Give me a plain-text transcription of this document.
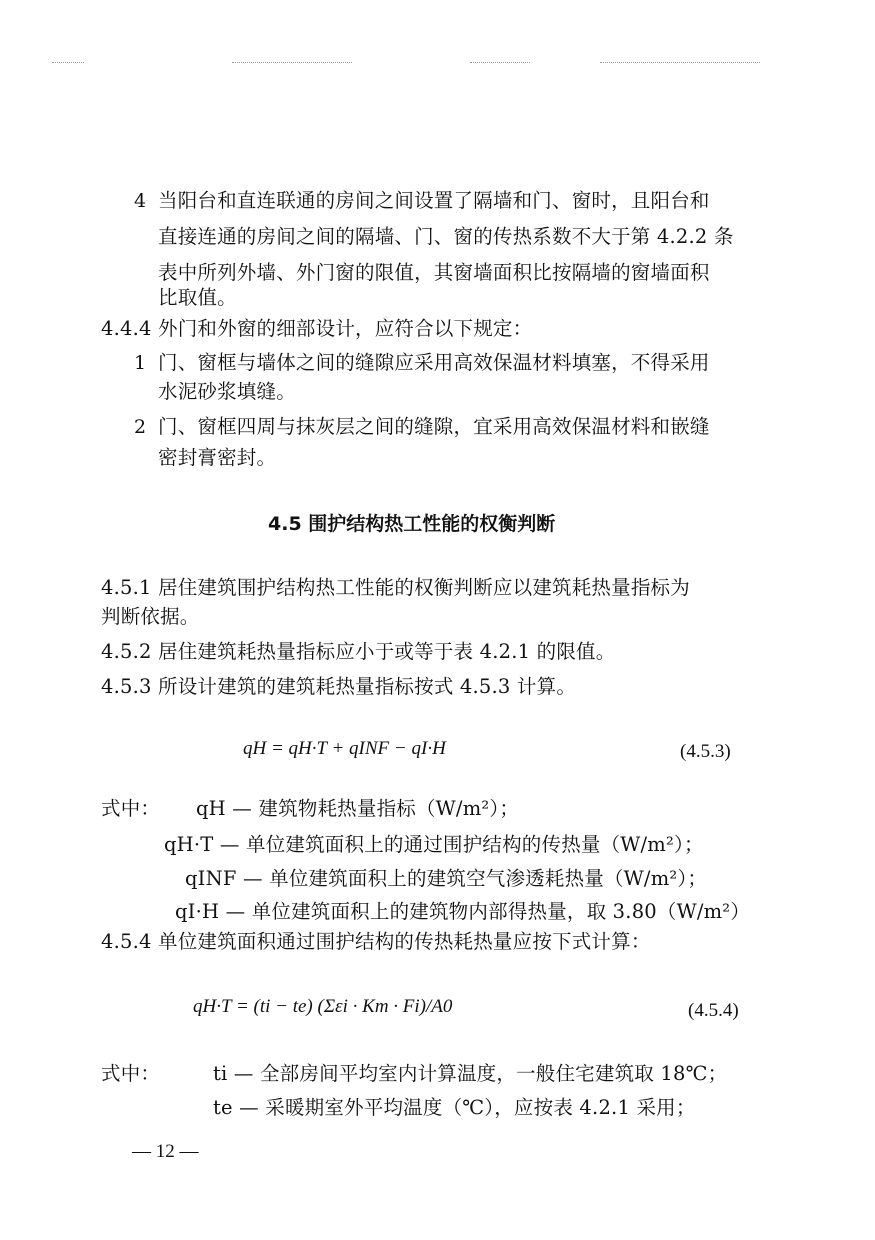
4 当阳台和直连联通的房间之间设置了隔墙和门、窗时，且阳台和
直接连通的房间之间的隔墙、门、窗的传热系数不大于第 4.2.2 条
表中所列外墙、外门窗的限值，其窗墙面积比按隔墙的窗墙面积
比取值。
4.4.4 外门和外窗的细部设计，应符合以下规定：
1 门、窗框与墙体之间的缝隙应采用高效保温材料填塞，不得采用
水泥砂浆填缝。
2 门、窗框四周与抹灰层之间的缝隙，宜采用高效保温材料和嵌缝
密封膏密封。
4.5 围护结构热工性能的权衡判断
4.5.1 居住建筑围护结构热工性能的权衡判断应以建筑耗热量指标为
判断依据。
4.5.2 居住建筑耗热量指标应小于或等于表 4.2.1 的限值。
4.5.3 所设计建筑的建筑耗热量指标按式 4.5.3 计算。
qH = qH·T + qINF − qI·H	(4.5.3)
式中： qH — 建筑物耗热量指标（W/m²）；
qH·T — 单位建筑面积上的通过围护结构的传热量（W/m²）；
qINF — 单位建筑面积上的建筑空气渗透耗热量（W/m²）；
qI·H — 单位建筑面积上的建筑物内部得热量，取 3.80（W/m²）
4.5.4 单位建筑面积通过围护结构的传热耗热量应按下式计算：
qH·T = (ti − te) (Σεi · Km · Fi)/A0	(4.5.4)
式中：	ti — 全部房间平均室内计算温度，一般住宅建筑取 18℃；
te — 采暖期室外平均温度（℃），应按表 4.2.1 采用；
— 12 —
